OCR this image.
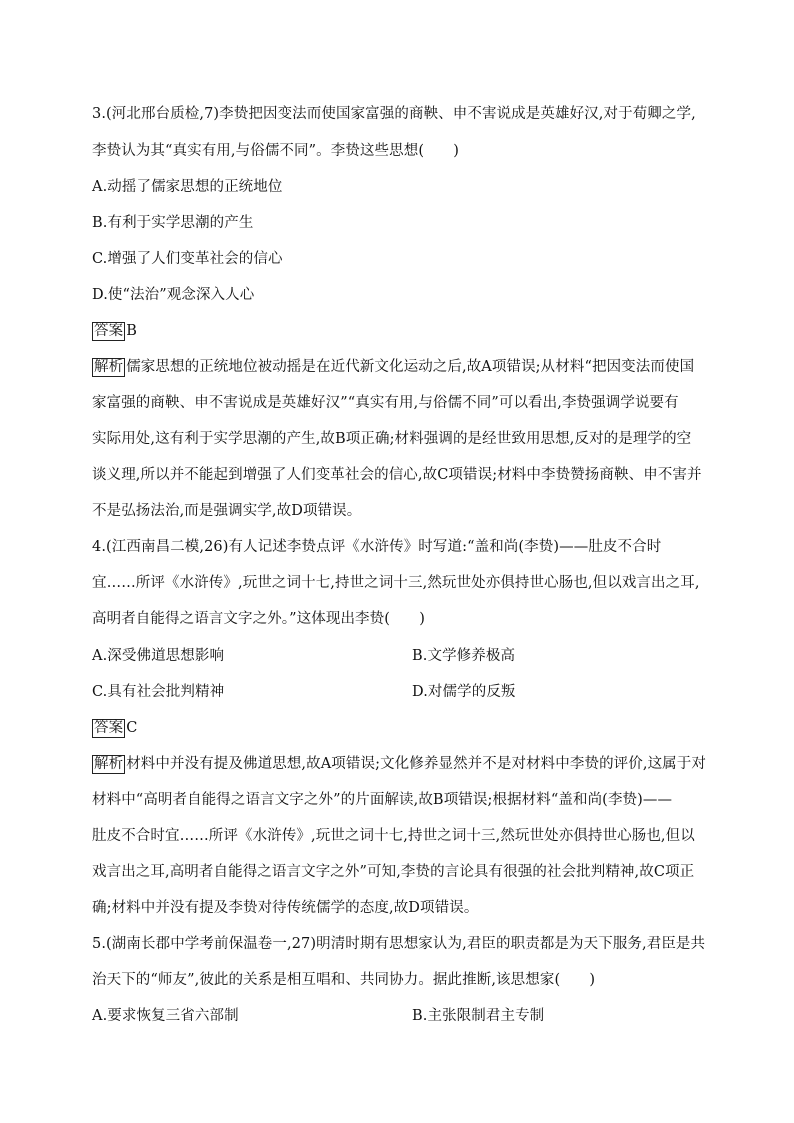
3.(河北邢台质检,7)李贽把因变法而使国家富强的商鞅、申不害说成是英雄好汉,对于荀卿之学,
李贽认为其“真实有用,与俗儒不同”。李贽这些思想(　　)
A.动摇了儒家思想的正统地位
B.有利于实学思潮的产生
C.增强了人们变革社会的信心
D.使“法治”观念深入人心
答案 B
解析 儒家思想的正统地位被动摇是在近代新文化运动之后,故A项错误;从材料“把因变法而使国
家富强的商鞅、申不害说成是英雄好汉”“真实有用,与俗儒不同”可以看出,李贽强调学说要有
实际用处,这有利于实学思潮的产生,故B项正确;材料强调的是经世致用思想,反对的是理学的空
谈义理,所以并不能起到增强了人们变革社会的信心,故C项错误;材料中李贽赞扬商鞅、申不害并
不是弘扬法治,而是强调实学,故D项错误。
4.(江西南昌二模,26)有人记述李贽点评《水浒传》时写道:“盖和尚(李贽)——肚皮不合时
宜……所评《水浒传》,玩世之词十七,持世之词十三,然玩世处亦俱持世心肠也,但以戏言出之耳,
高明者自能得之语言文字之外。”这体现出李贽(　　)
A.深受佛道思想影响	B.文学修养极高
C.具有社会批判精神	D.对儒学的反叛
答案 C
解析 材料中并没有提及佛道思想,故A项错误;文化修养显然并不是对材料中李贽的评价,这属于对
材料中“高明者自能得之语言文字之外”的片面解读,故B项错误;根据材料“盖和尚(李贽)——
肚皮不合时宜……所评《水浒传》,玩世之词十七,持世之词十三,然玩世处亦俱持世心肠也,但以
戏言出之耳,高明者自能得之语言文字之外”可知,李贽的言论具有很强的社会批判精神,故C项正
确;材料中并没有提及李贽对待传统儒学的态度,故D项错误。
5.(湖南长郡中学考前保温卷一,27)明清时期有思想家认为,君臣的职责都是为天下服务,君臣是共
治天下的“师友”,彼此的关系是相互唱和、共同协力。据此推断,该思想家(　　)
A.要求恢复三省六部制	B.主张限制君主专制
